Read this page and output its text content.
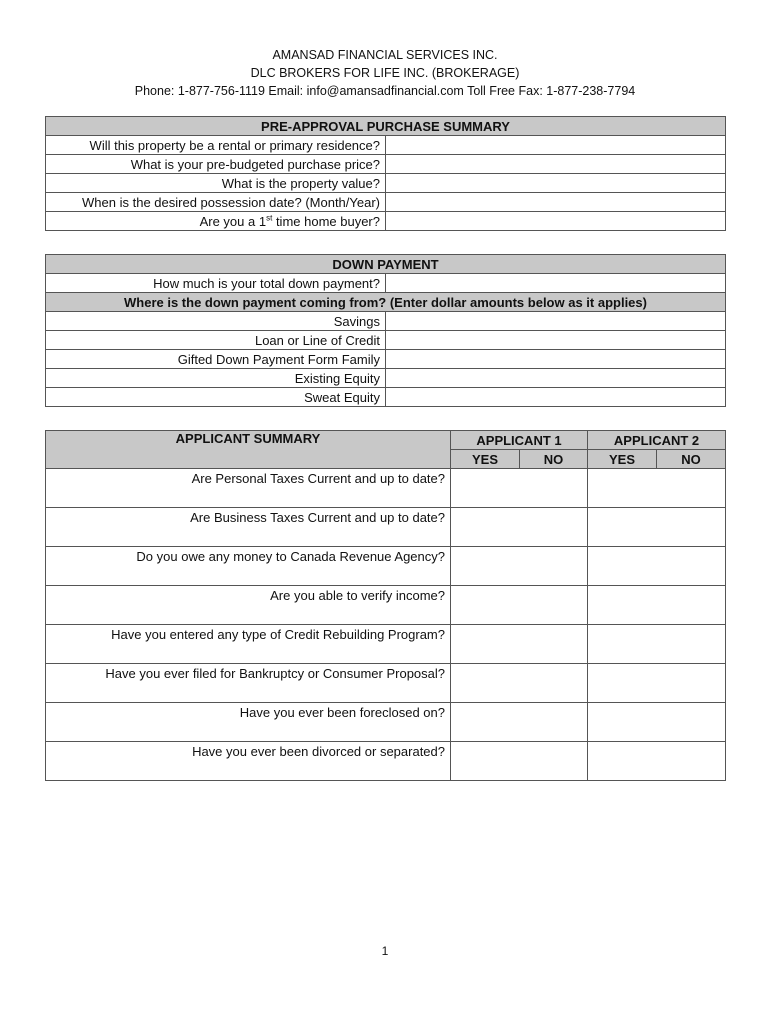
AMANSAD FINANCIAL SERVICES INC.
DLC BROKERS FOR LIFE INC. (BROKERAGE)
Phone: 1-877-756-1119 Email: info@amansadfinancial.com Toll Free Fax: 1-877-238-7794
PRE-APPROVAL PURCHASE SUMMARY	
Will this property be a rental or primary residence?	
What is your pre-budgeted purchase price?	
What is the property value?	
When is the desired possession date? (Month/Year)	
Are you a 1st time home buyer?	
DOWN PAYMENT	
How much is your total down payment?	
Where is the down payment coming from? (Enter dollar amounts below as it applies)	
Savings	
Loan or Line of Credit	
Gifted Down Payment Form Family	
Existing Equity	
Sweat Equity	
APPLICANT SUMMARY	APPLICANT 1		APPLICANT 2	
	YES	NO	YES	NO
Are Personal Taxes Current and up to date?				
Are Business Taxes Current and up to date?				
Do you owe any money to Canada Revenue Agency?				
Are you able to verify income?				
Have you entered any type of Credit Rebuilding Program?				
Have you ever filed for Bankruptcy or Consumer Proposal?				
Have you ever been foreclosed on?				
Have you ever been divorced or separated?				
1
